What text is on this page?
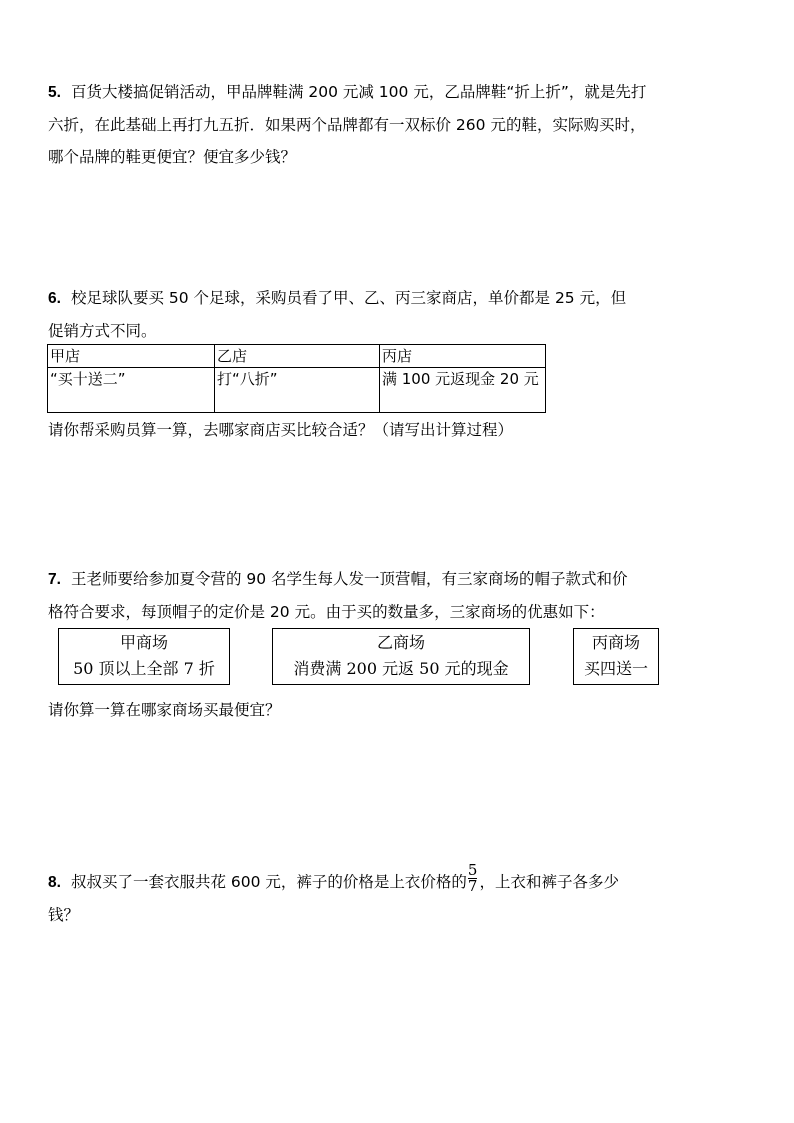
5. 百货大楼搞促销活动，甲品牌鞋满 200 元减 100 元，乙品牌鞋“折上折”，就是先打
六折，在此基础上再打九五折．如果两个品牌都有一双标价 260 元的鞋，实际购买时，
哪个品牌的鞋更便宜？便宜多少钱？
6. 校足球队要买 50 个足球，采购员看了甲、乙、丙三家商店，单价都是 25 元，但
促销方式不同。
甲店	乙店	丙店
“买十送二”	打“八折”	满 100 元返现金 20 元
请你帮采购员算一算，去哪家商店买比较合适？（请写出计算过程）
7. 王老师要给参加夏令营的 90 名学生每人发一顶营帽，有三家商场的帽子款式和价
格符合要求，每顶帽子的定价是 20 元。由于买的数量多，三家商场的优惠如下：
甲商场
50 顶以上全部 7 折
乙商场
消费满 200 元返 50 元的现金
丙商场
买四送一
请你算一算在哪家商场买最便宜？
8. 叔叔买了一套衣服共花 600 元，裤子的价格是上衣价格的 $\frac{5}{7}$ ，上衣和裤子各多少
钱？
